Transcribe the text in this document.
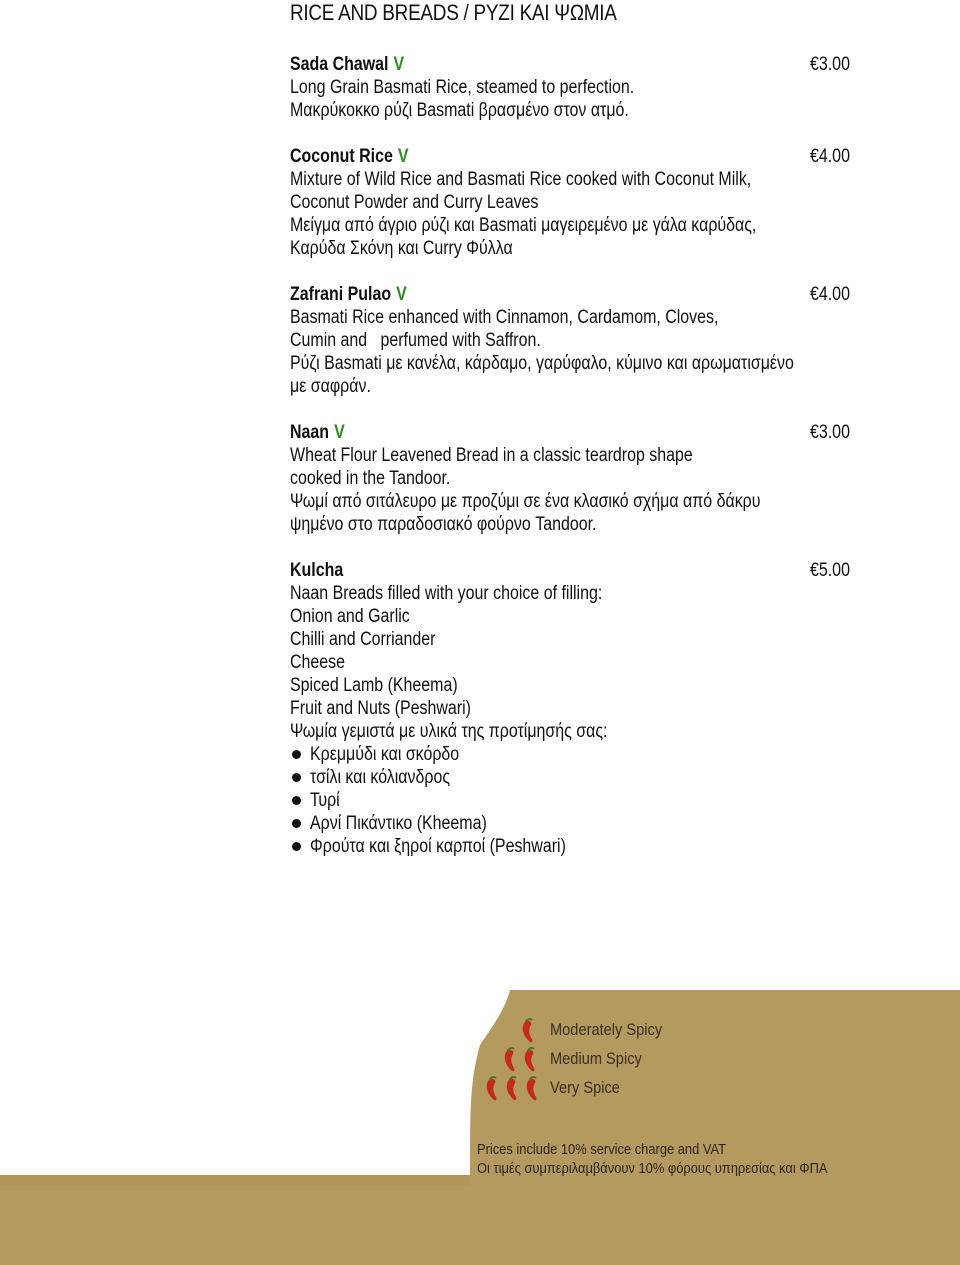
RICE AND BREADS / ΡΥΖΙ ΚΑΙ ΨΩΜΙΑ
Sada Chawal V	€3.00
Long Grain Basmati Rice, steamed to perfection.
Μακρύκοκκο ρύζι Basmati βρασμένο στον ατμό.
Coconut Rice V	€4.00
Mixture of Wild Rice and Basmati Rice cooked with Coconut Milk,
Coconut Powder and Curry Leaves
Μείγμα από άγριο ρύζι και Basmati μαγειρεμένο με γάλα καρύδας,
Καρύδα Σκόνη και Curry Φύλλα
Zafrani Pulao V	€4.00
Basmati Rice enhanced with Cinnamon, Cardamom, Cloves,
Cumin and   perfumed with Saffron.
Ρύζι Basmati με κανέλα, κάρδαμο, γαρύφαλο, κύμινο και αρωματισμένο
με σαφράν.
Naan V	€3.00
Wheat Flour Leavened Bread in a classic teardrop shape
cooked in the Tandoor.
Ψωμί από σιτάλευρο με προζύμι σε ένα κλασικό σχήμα από δάκρυ
ψημένο στο παραδοσιακό φούρνο Tandoor.
Kulcha	€5.00
Naan Breads filled with your choice of filling:
Onion and Garlic
Chilli and Corriander
Cheese
Spiced Lamb (Kheema)
Fruit and Nuts (Peshwari)
Ψωμία γεμιστά με υλικά της προτίμησής σας:
Κρεμμύδι και σκόρδο
τσίλι και κόλιανδρος
Τυρί
Αρνί Πικάντικο (Kheema)
Φρούτα και ξηροί καρποί (Peshwari)
Moderately Spicy
Medium Spicy
Very Spice
Prices include 10% service charge and VAT
Οι τιμές συμπεριλαμβάνουν 10% φόρους υπηρεσίας και ΦΠΑ
